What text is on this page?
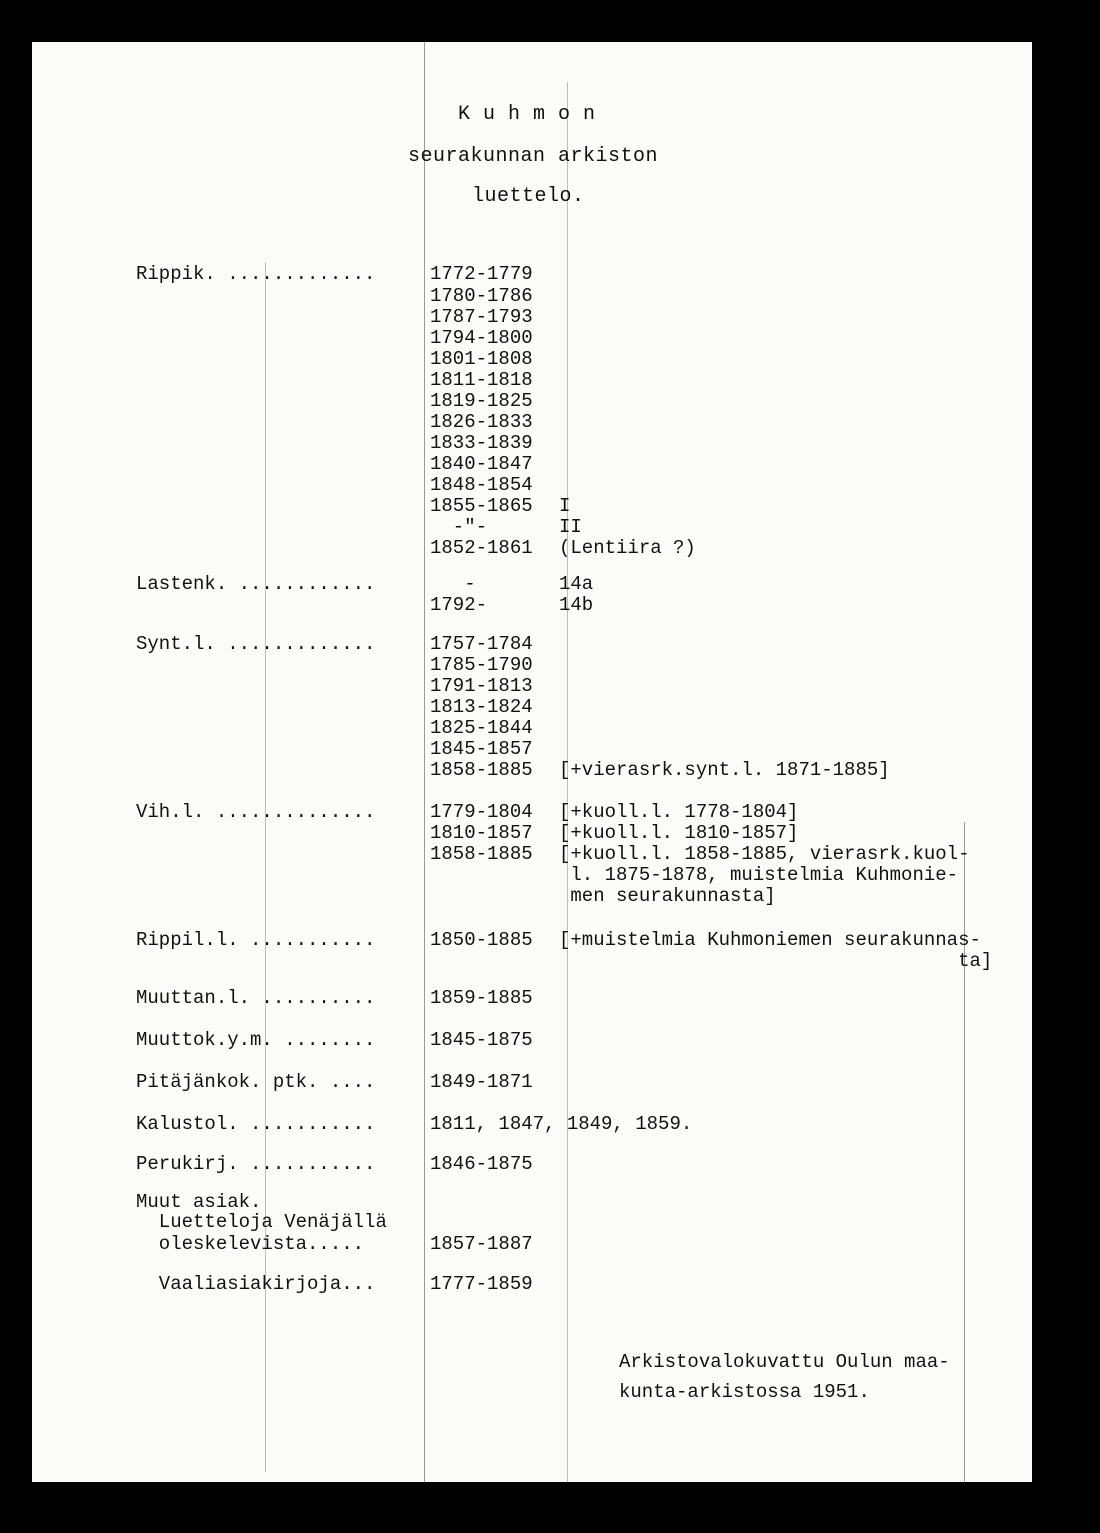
K u h m o n
seurakunnan arkiston
luettelo.
Rippik. .............	1772-1779
1780-1786
1787-1793
1794-1800
1801-1808
1811-1818
1819-1825
1826-1833
1833-1839
1840-1847
1848-1854
1855-1865 I
-"-	II
1852-1861 (Lentiira ?)
Lastenk. ............	-	14a
1792-	14b
Synt.l. .............	1757-1784
1785-1790
1791-1813
1813-1824
1825-1844
1845-1857
1858-1885 [+vierasrk.synt.l. 1871-1885]
Vih.l. ..............	1779-1804 [+kuoll.l. 1778-1804]
1810-1857 [+kuoll.l. 1810-1857]
1858-1885 [+kuoll.l. 1858-1885, vierasrk.kuol-
l. 1875-1878, muistelmia Kuhmonie-
men seurakunnasta]
Rippil.l. ...........	1850-1885 [+muistelmia Kuhmoniemen seurakunnas-
ta]
Muuttan.l. ..........	1859-1885
Muuttok.y.m. ........	1845-1875
Pitäjänkok. ptk. ....	1849-1871
Kalustol. ...........	1811, 1847, 1849, 1859.
Perukirj. ...........	1846-1875
Muut asiak.
Luetteloja Venäjällä
oleskelevista.....	1857-1887
Vaaliasiakirjoja...	1777-1859
Arkistovalokuvattu Oulun maa-
kunta-arkistossa 1951.
